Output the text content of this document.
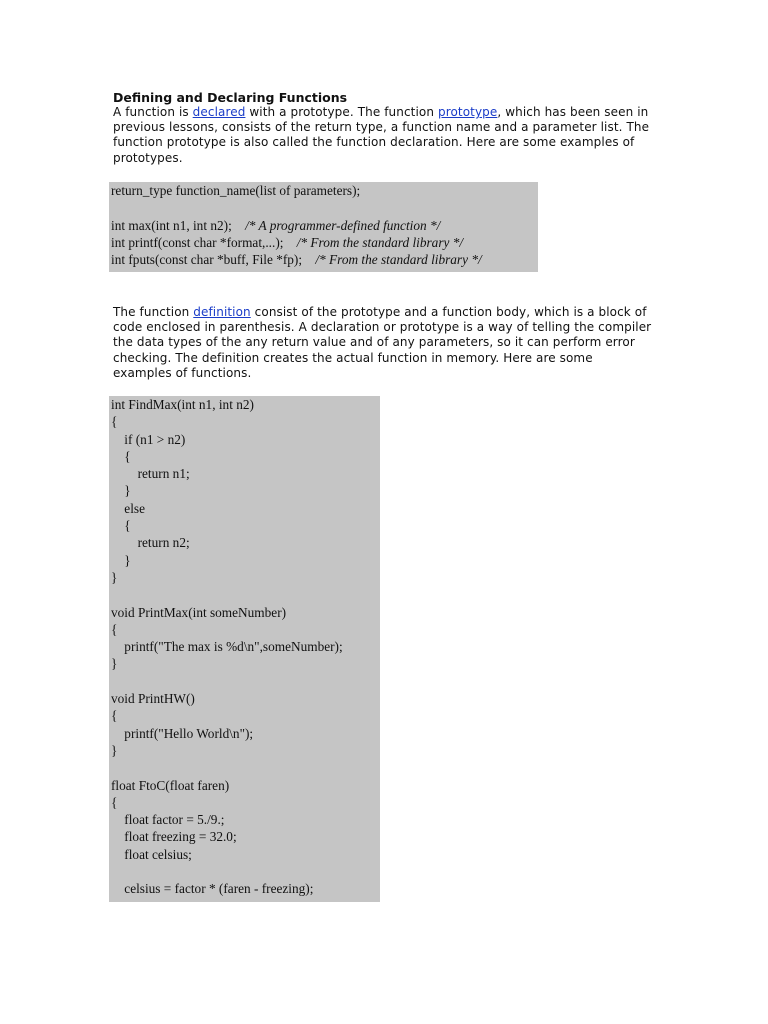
Defining and Declaring Functions

A function is declared with a prototype. The function prototype, which has been seen in previous lessons, consists of the return type, a function name and a parameter list. The function prototype is also called the function declaration. Here are some examples of prototypes.

return_type function_name(list of parameters);
int max(int n1, int n2);    /* A programmer-defined function */
int printf(const char *format,...);    /* From the standard library */
int fputs(const char *buff, File *fp);    /* From the standard library */

The function definition consist of the prototype and a function body, which is a block of code enclosed in parenthesis. A declaration or prototype is a way of telling the compiler the data types of the any return value and of any parameters, so it can perform error checking. The definition creates the actual function in memory. Here are some examples of functions.

int FindMax(int n1, int n2)
{
if (n1 > n2)
{
return n1;
}
else
{
return n2;
}
}
void PrintMax(int someNumber)
{
printf("The max is %d\n",someNumber);
}
void PrintHW()
{
printf("Hello World\n");
}
float FtoC(float faren)
{
float factor = 5./9.;
float freezing = 32.0;
float celsius;
celsius = factor * (faren - freezing);
